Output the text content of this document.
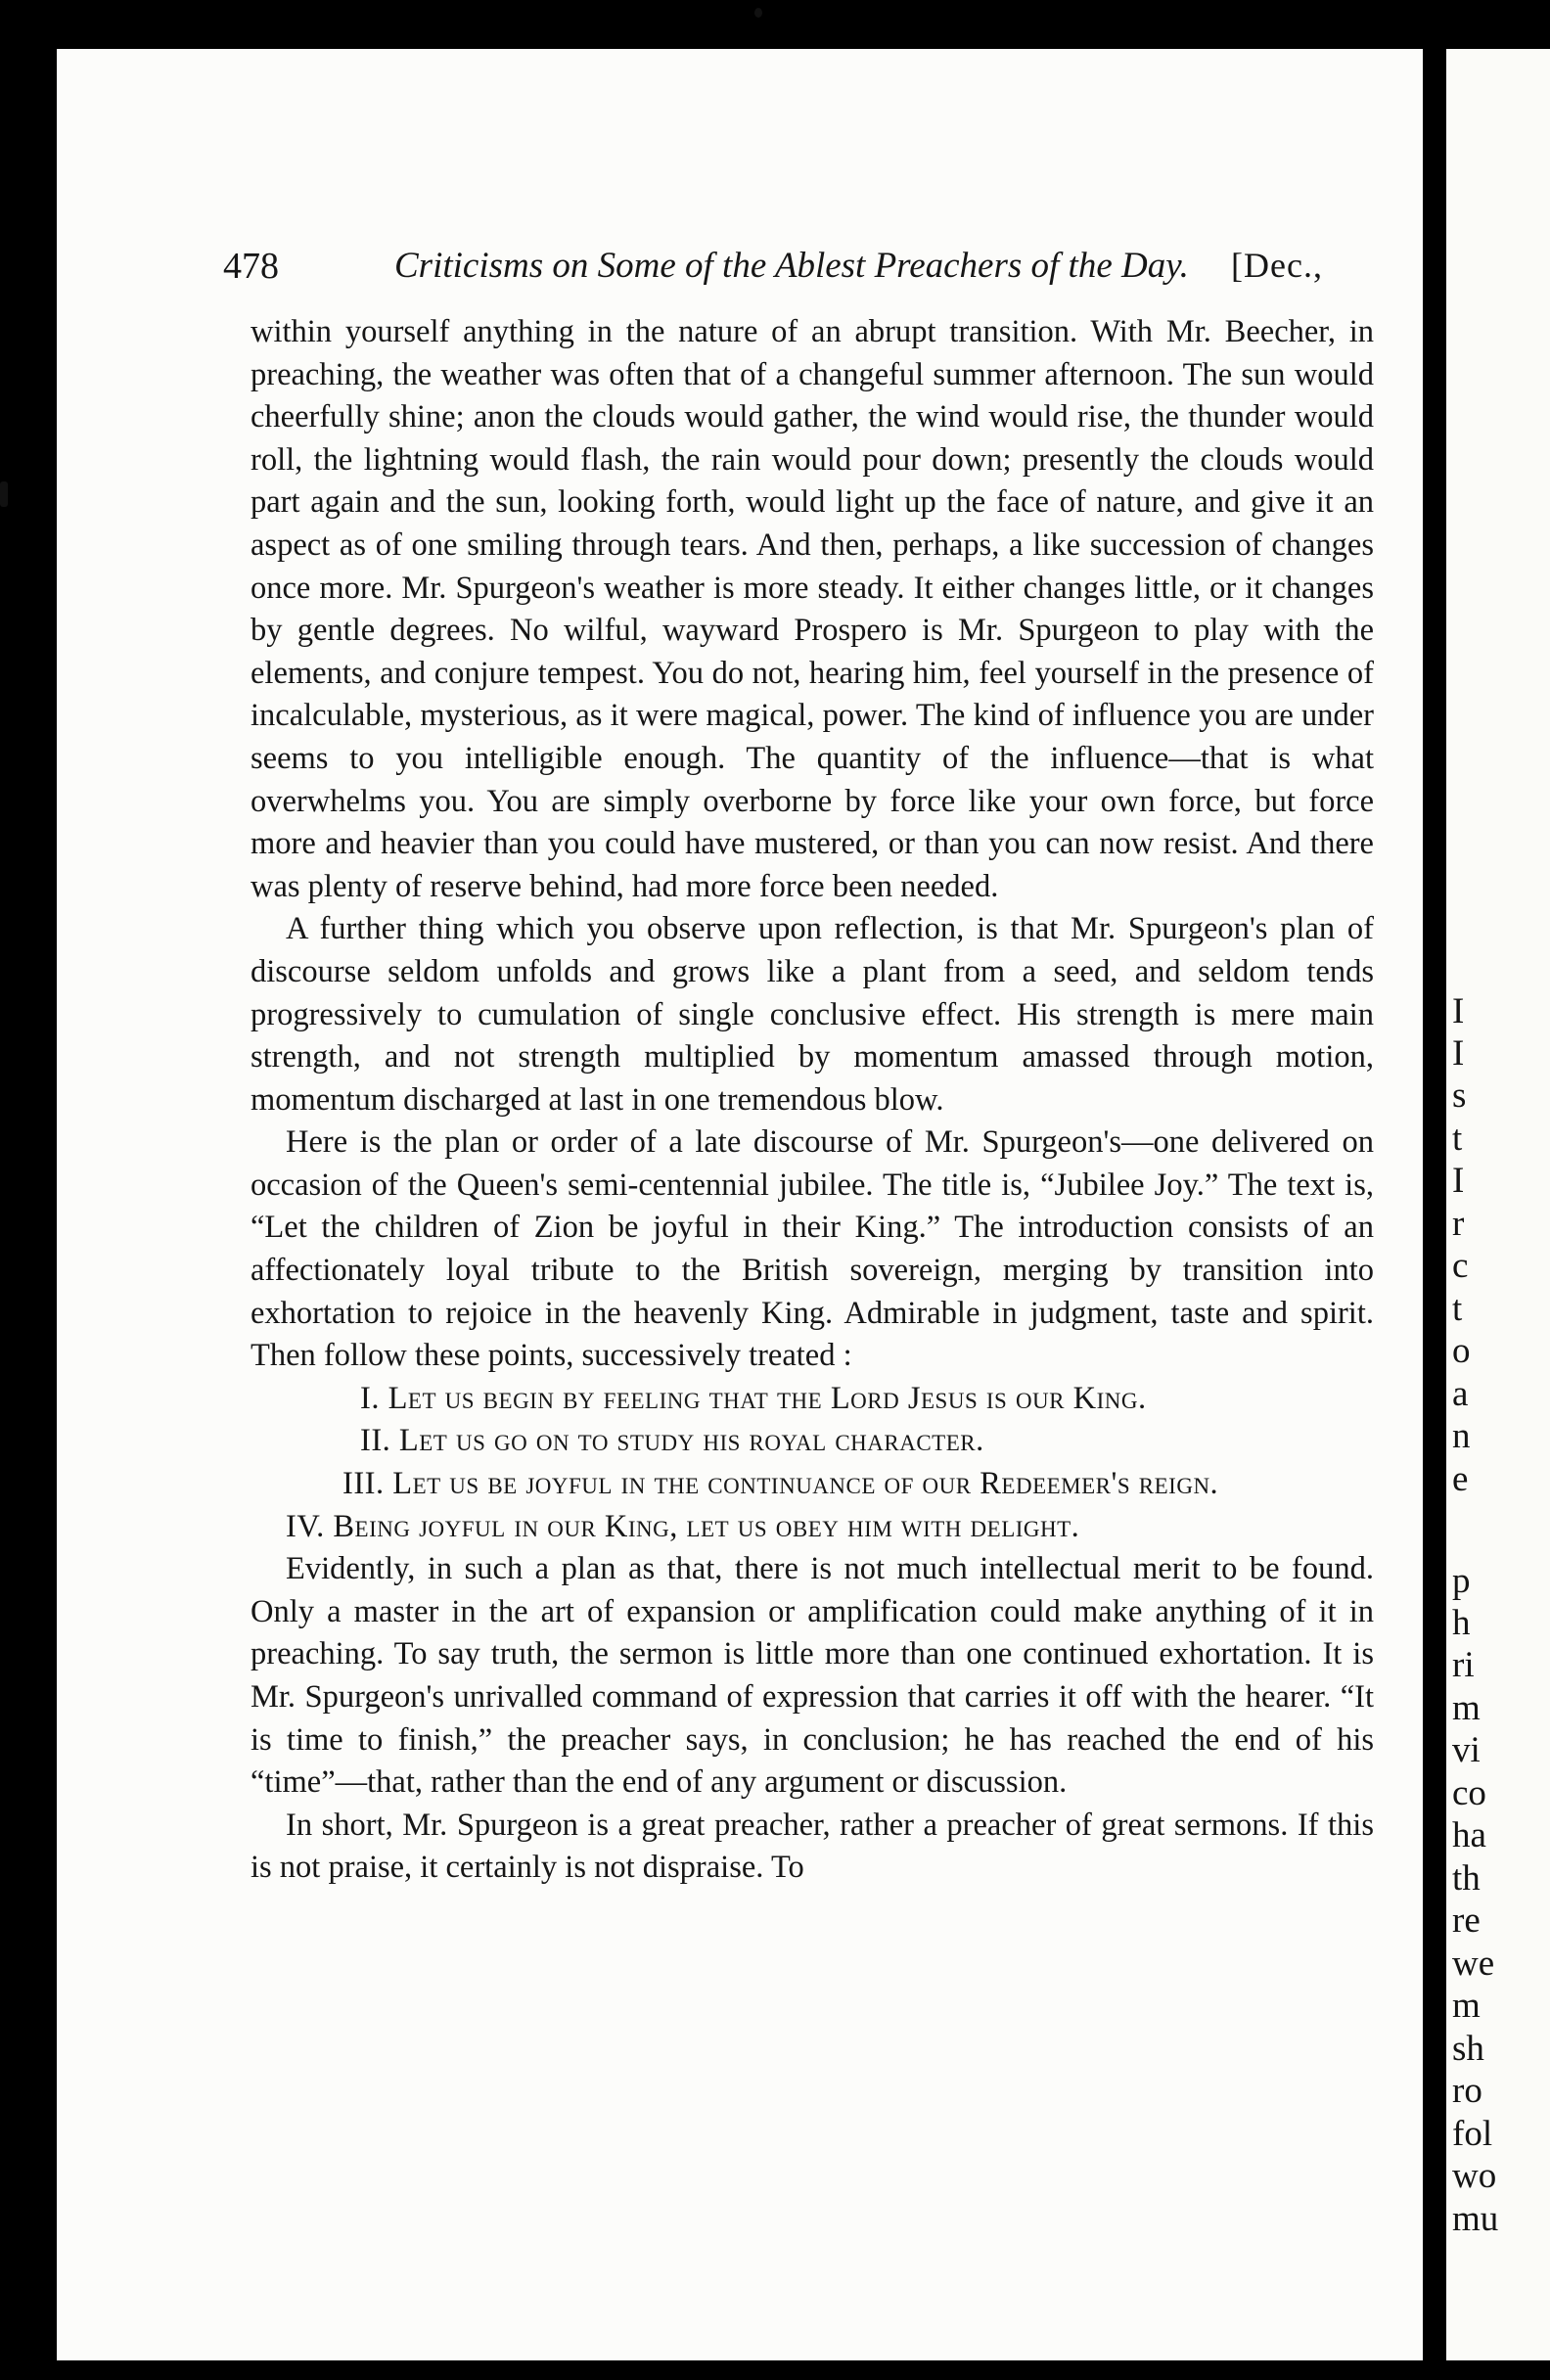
478	Criticisms on Some of the Ablest Preachers of the Day. [Dec.,

within yourself anything in the nature of an abrupt transition. With Mr. Beecher, in preaching, the weather was often that of a changeful summer afternoon. The sun would cheerfully shine; anon the clouds would gather, the wind would rise, the thunder would roll, the lightning would flash, the rain would pour down; presently the clouds would part again and the sun, looking forth, would light up the face of nature, and give it an aspect as of one smiling through tears. And then, perhaps, a like succession of changes once more. Mr. Spurgeon's weather is more steady. It either changes little, or it changes by gentle degrees. No wilful, wayward Prospero is Mr. Spurgeon to play with the elements, and conjure tempest. You do not, hearing him, feel yourself in the presence of incalculable, mysterious, as it were magical, power. The kind of influence you are under seems to you intelligible enough. The quantity of the influence—that is what overwhelms you. You are simply overborne by force like your own force, but force more and heavier than you could have mustered, or than you can now resist. And there was plenty of reserve behind, had more force been needed.

A further thing which you observe upon reflection, is that Mr. Spurgeon's plan of discourse seldom unfolds and grows like a plant from a seed, and seldom tends progressively to cumulation of single conclusive effect. His strength is mere main strength, and not strength multiplied by momentum amassed through motion, momentum discharged at last in one tremendous blow.

Here is the plan or order of a late discourse of Mr. Spurgeon's—one delivered on occasion of the Queen's semi-centennial jubilee. The title is, “Jubilee Joy.” The text is, “Let the children of Zion be joyful in their King.” The introduction consists of an affectionately loyal tribute to the British sovereign, merging by transition into exhortation to rejoice in the heavenly King. Admirable in judgment, taste and spirit. Then follow these points, successively treated :

I. Let us begin by feeling that the Lord Jesus is our King.

II. Let us go on to study his royal character.

III. Let us be joyful in the continuance of our Redeemer's reign.

IV. Being joyful in our King, let us obey him with delight.

Evidently, in such a plan as that, there is not much intellectual merit to be found. Only a master in the art of expansion or amplification could make anything of it in preaching. To say truth, the sermon is little more than one continued exhortation. It is Mr. Spurgeon's unrivalled command of expression that carries it off with the hearer. “It is time to finish,” the preacher says, in conclusion; he has reached the end of his “time”—that, rather than the end of any argument or discussion.

In short, Mr. Spurgeon is a great preacher, rather a preacher of great sermons. If this is not praise, it certainly is not dispraise. To

I
I
s
t
I
r
c
t
o
a
n
e
p
h
ri
m
vi
co
ha
th
re
we
m
sh
ro
fol
wo
mu
